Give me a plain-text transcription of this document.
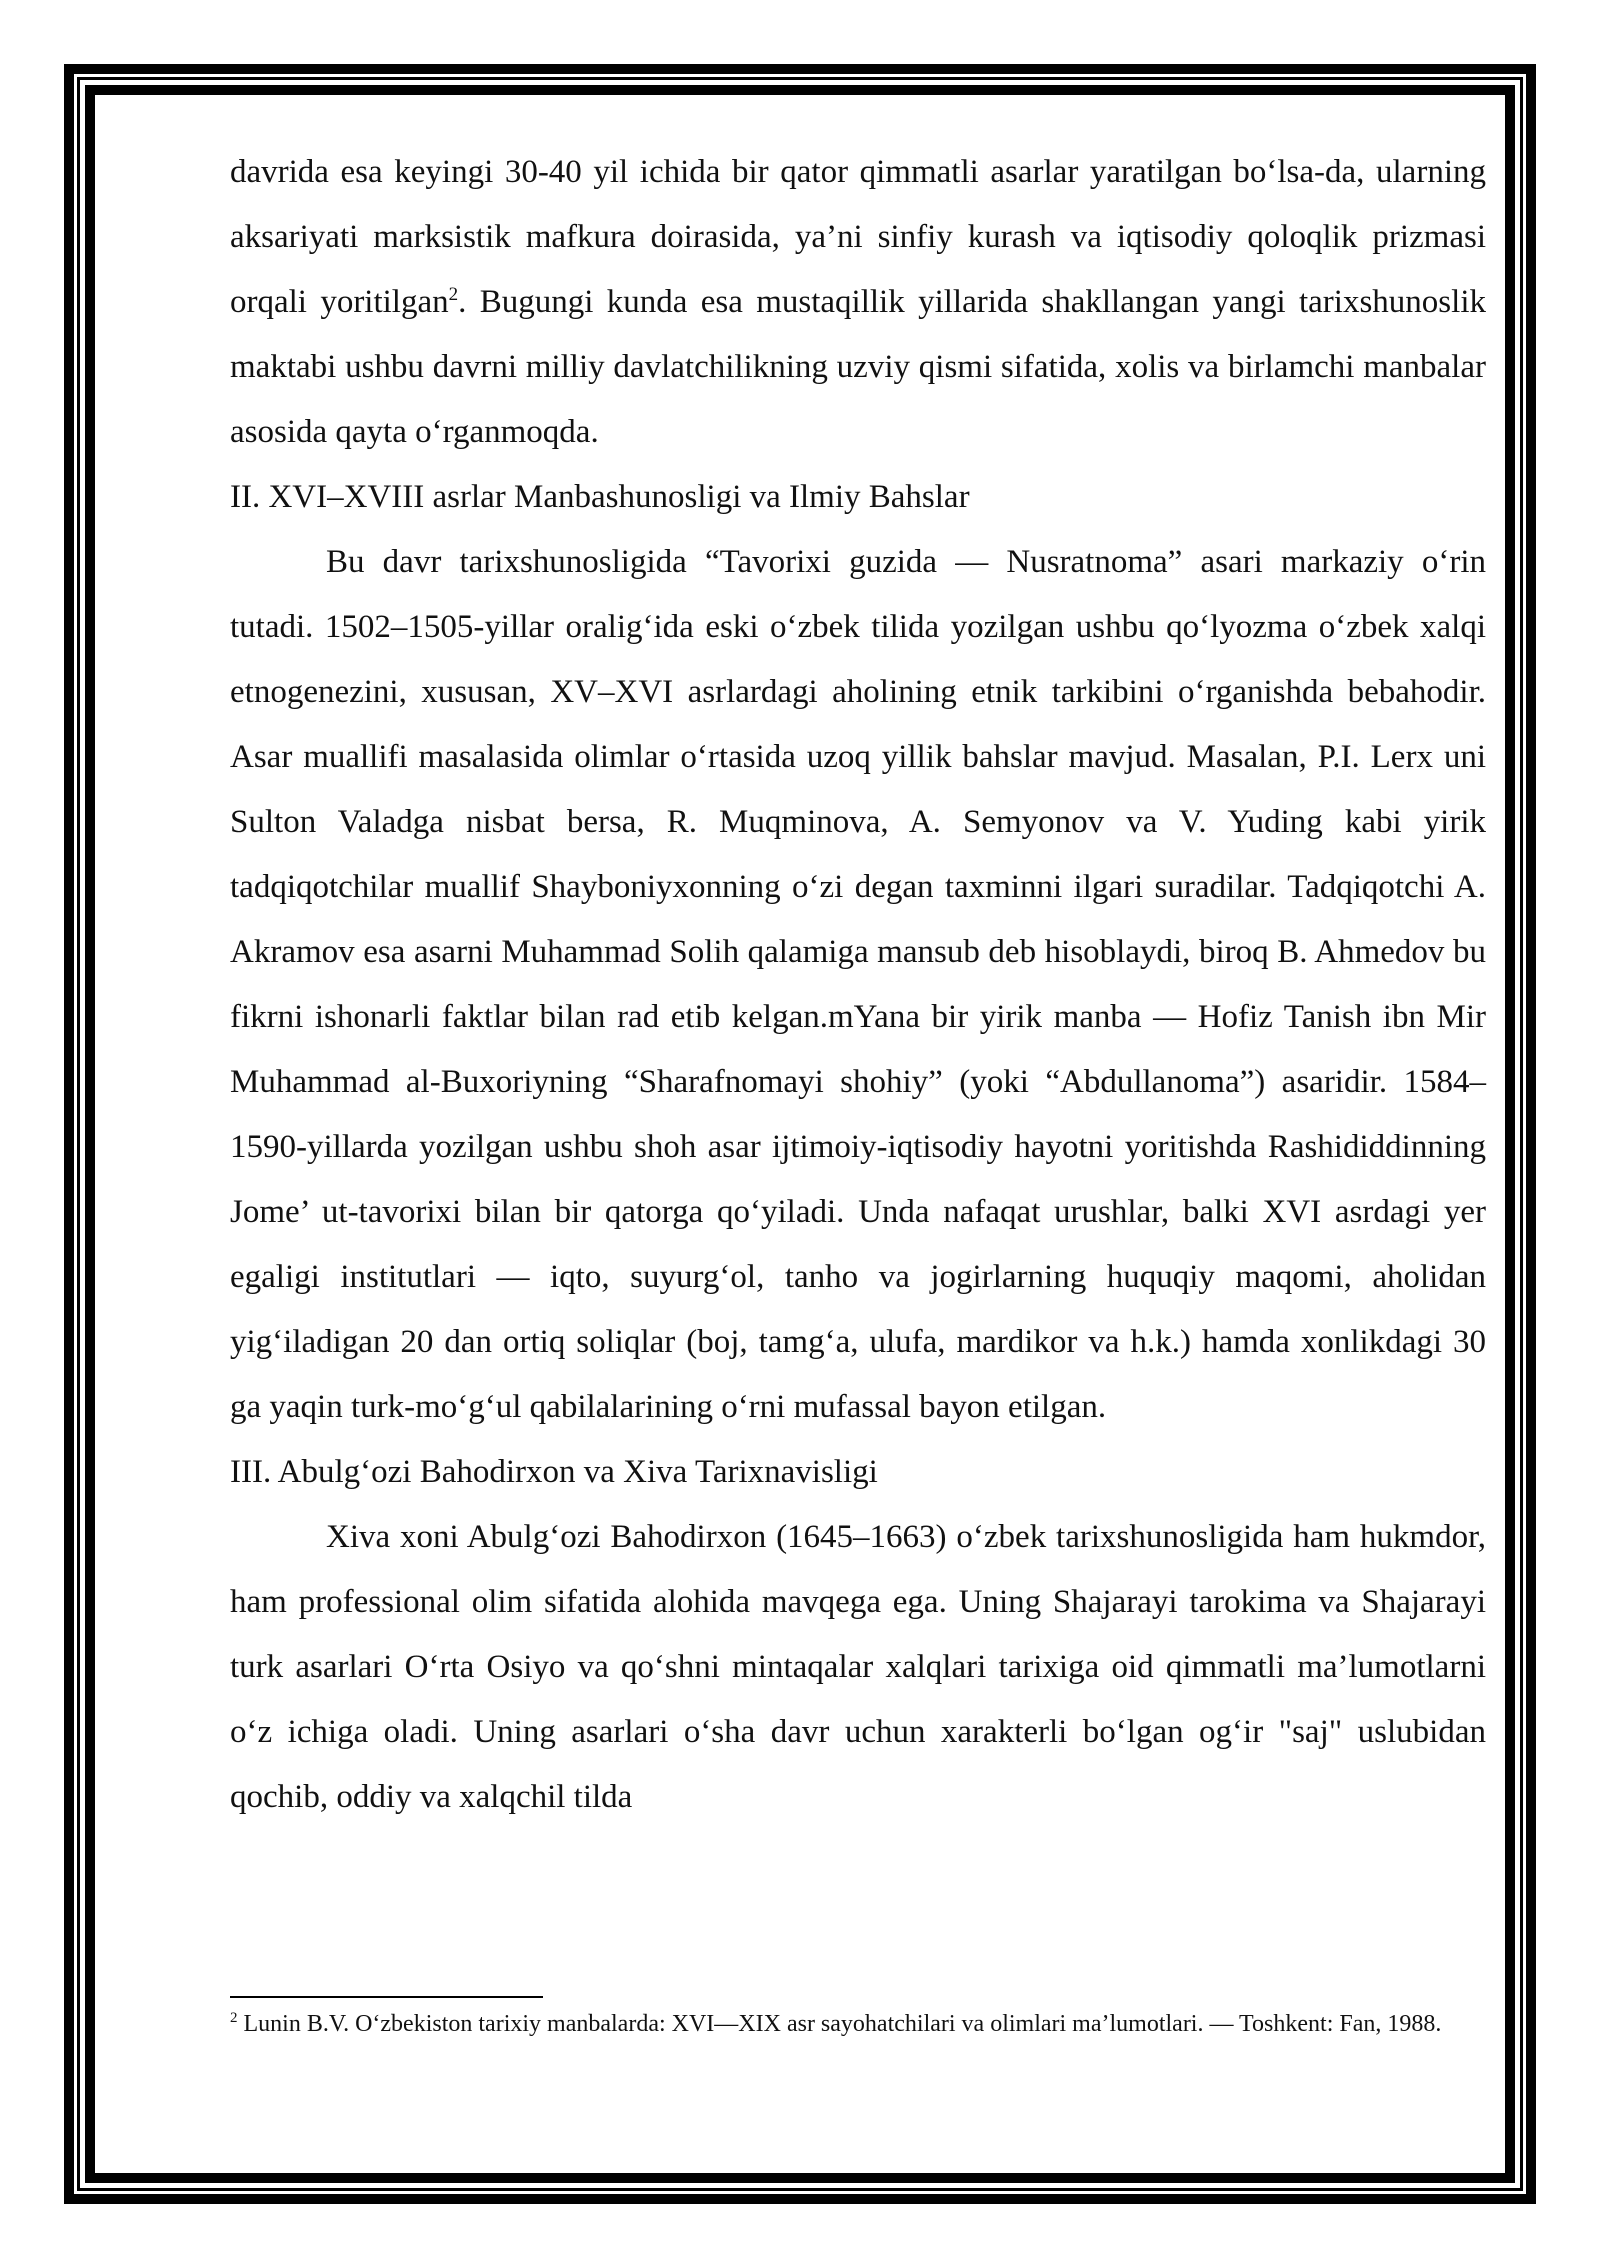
davrida esa keyingi 30-40 yil ichida bir qator qimmatli asarlar yaratilgan bo‘lsa-da, ularning aksariyati marksistik mafkura doirasida, ya’ni sinfiy kurash va iqtisodiy qoloqlik prizmasi orqali yoritilgan$^2$. Bugungi kunda esa mustaqillik yillarida shakllangan yangi tarixshunoslik maktabi ushbu davrni milliy davlatchilikning uzviy qismi sifatida, xolis va birlamchi manbalar asosida qayta o‘rganmoqda.

II. XVI–XVIII asrlar Manbashunosligi va Ilmiy Bahslar

Bu davr tarixshunosligida “Tavorixi guzida — Nusratnoma” asari markaziy o‘rin tutadi. 1502–1505-yillar oralig‘ida eski o‘zbek tilida yozilgan ushbu qo‘lyozma o‘zbek xalqi etnogenezini, xususan, XV–XVI asrlardagi aholining etnik tarkibini o‘rganishda bebahodir. Asar muallifi masalasida olimlar o‘rtasida uzoq yillik bahslar mavjud. Masalan, P.I. Lerx uni Sulton Valadga nisbat bersa, R. Muqminova, A. Semyonov va V. Yuding kabi yirik tadqiqotchilar muallif Shayboniyxonning o‘zi degan taxminni ilgari suradilar. Tadqiqotchi A. Akramov esa asarni Muhammad Solih qalamiga mansub deb hisoblaydi, biroq B. Ahmedov bu fikrni ishonarli faktlar bilan rad etib kelgan.mYana bir yirik manba — Hofiz Tanish ibn Mir Muhammad al-Buxoriyning “Sharafnomayi shohiy” (yoki “Abdullanoma”) asaridir. 1584–1590-yillarda yozilgan ushbu shoh asar ijtimoiy-iqtisodiy hayotni yoritishda Rashididdinning Jome’ ut-tavorixi bilan bir qatorga qo‘yiladi. Unda nafaqat urushlar, balki XVI asrdagi yer egaligi institutlari — iqto, suyurg‘ol, tanho va jogirlarning huquqiy maqomi, aholidan yig‘iladigan 20 dan ortiq soliqlar (boj, tamg‘a, ulufa, mardikor va h.k.) hamda xonlikdagi 30 ga yaqin turk-mo‘g‘ul qabilalarining o‘rni mufassal bayon etilgan.

III. Abulg‘ozi Bahodirxon va Xiva Tarixnavisligi

Xiva xoni Abulg‘ozi Bahodirxon (1645–1663) o‘zbek tarixshunosligida ham hukmdor, ham professional olim sifatida alohida mavqega ega. Uning Shajarayi tarokima va Shajarayi turk asarlari O‘rta Osiyo va qo‘shni mintaqalar xalqlari tarixiga oid qimmatli ma’lumotlarni o‘z ichiga oladi. Uning asarlari o‘sha davr uchun xarakterli bo‘lgan og‘ir "saj" uslubidan qochib, oddiy va xalqchil tilda

$^2$ Lunin B.V. O‘zbekiston tarixiy manbalarda: XVI—XIX asr sayohatchilari va olimlari ma’lumotlari. — Toshkent: Fan, 1988.
